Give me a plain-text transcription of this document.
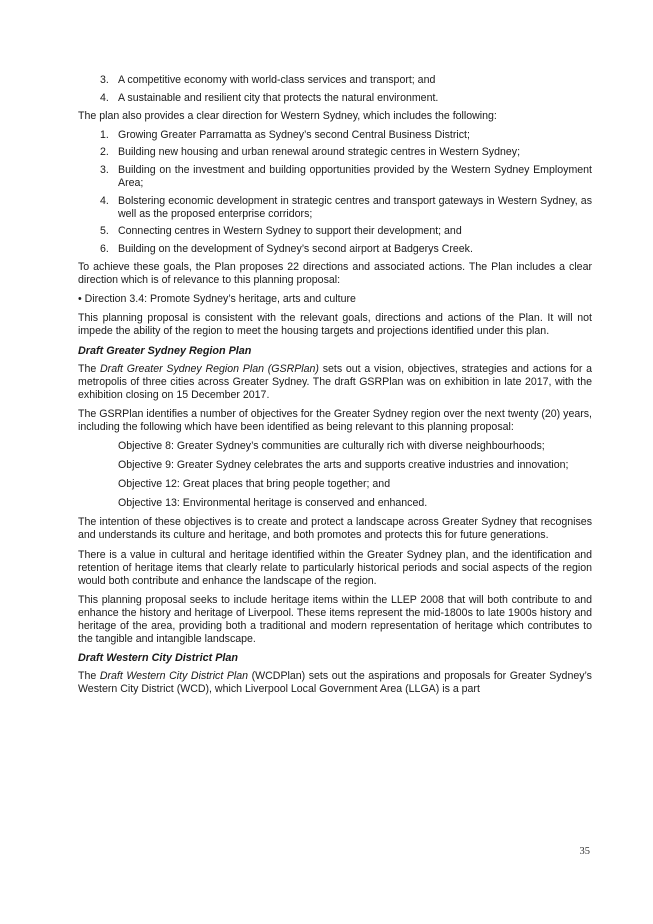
3. A competitive economy with world-class services and transport; and
4. A sustainable and resilient city that protects the natural environment.

The plan also provides a clear direction for Western Sydney, which includes the following:

1. Growing Greater Parramatta as Sydney’s second Central Business District;
2. Building new housing and urban renewal around strategic centres in Western Sydney;
3. Building on the investment and building opportunities provided by the Western Sydney Employment Area;
4. Bolstering economic development in strategic centres and transport gateways in Western Sydney, as well as the proposed enterprise corridors;
5. Connecting centres in Western Sydney to support their development; and
6. Building on the development of Sydney’s second airport at Badgerys Creek.

To achieve these goals, the Plan proposes 22 directions and associated actions. The Plan includes a clear direction which is of relevance to this planning proposal:

• Direction 3.4: Promote Sydney’s heritage, arts and culture

This planning proposal is consistent with the relevant goals, directions and actions of the Plan. It will not impede the ability of the region to meet the housing targets and projections identified under this plan.

Draft Greater Sydney Region Plan

The Draft Greater Sydney Region Plan (GSRPlan) sets out a vision, objectives, strategies and actions for a metropolis of three cities across Greater Sydney. The draft GSRPlan was on exhibition in late 2017, with the exhibition closing on 15 December 2017.

The GSRPlan identifies a number of objectives for the Greater Sydney region over the next twenty (20) years, including the following which have been identified as being relevant to this planning proposal:

Objective 8: Greater Sydney’s communities are culturally rich with diverse neighbourhoods;

Objective 9: Greater Sydney celebrates the arts and supports creative industries and innovation;

Objective 12: Great places that bring people together; and

Objective 13: Environmental heritage is conserved and enhanced.

The intention of these objectives is to create and protect a landscape across Greater Sydney that recognises and understands its culture and heritage, and both promotes and protects this for future generations.

There is a value in cultural and heritage identified within the Greater Sydney plan, and the identification and retention of heritage items that clearly relate to particularly historical periods and social aspects of the region would both contribute and enhance the landscape of the region.

This planning proposal seeks to include heritage items within the LLEP 2008 that will both contribute to and enhance the history and heritage of Liverpool. These items represent the mid-1800s to late 1900s history and heritage of the area, providing both a traditional and modern representation of heritage which contributes to the tangible and intangible landscape.

Draft Western City District Plan

The Draft Western City District Plan (WCDPlan) sets out the aspirations and proposals for Greater Sydney’s Western City District (WCD), which Liverpool Local Government Area (LLGA) is a part

35
